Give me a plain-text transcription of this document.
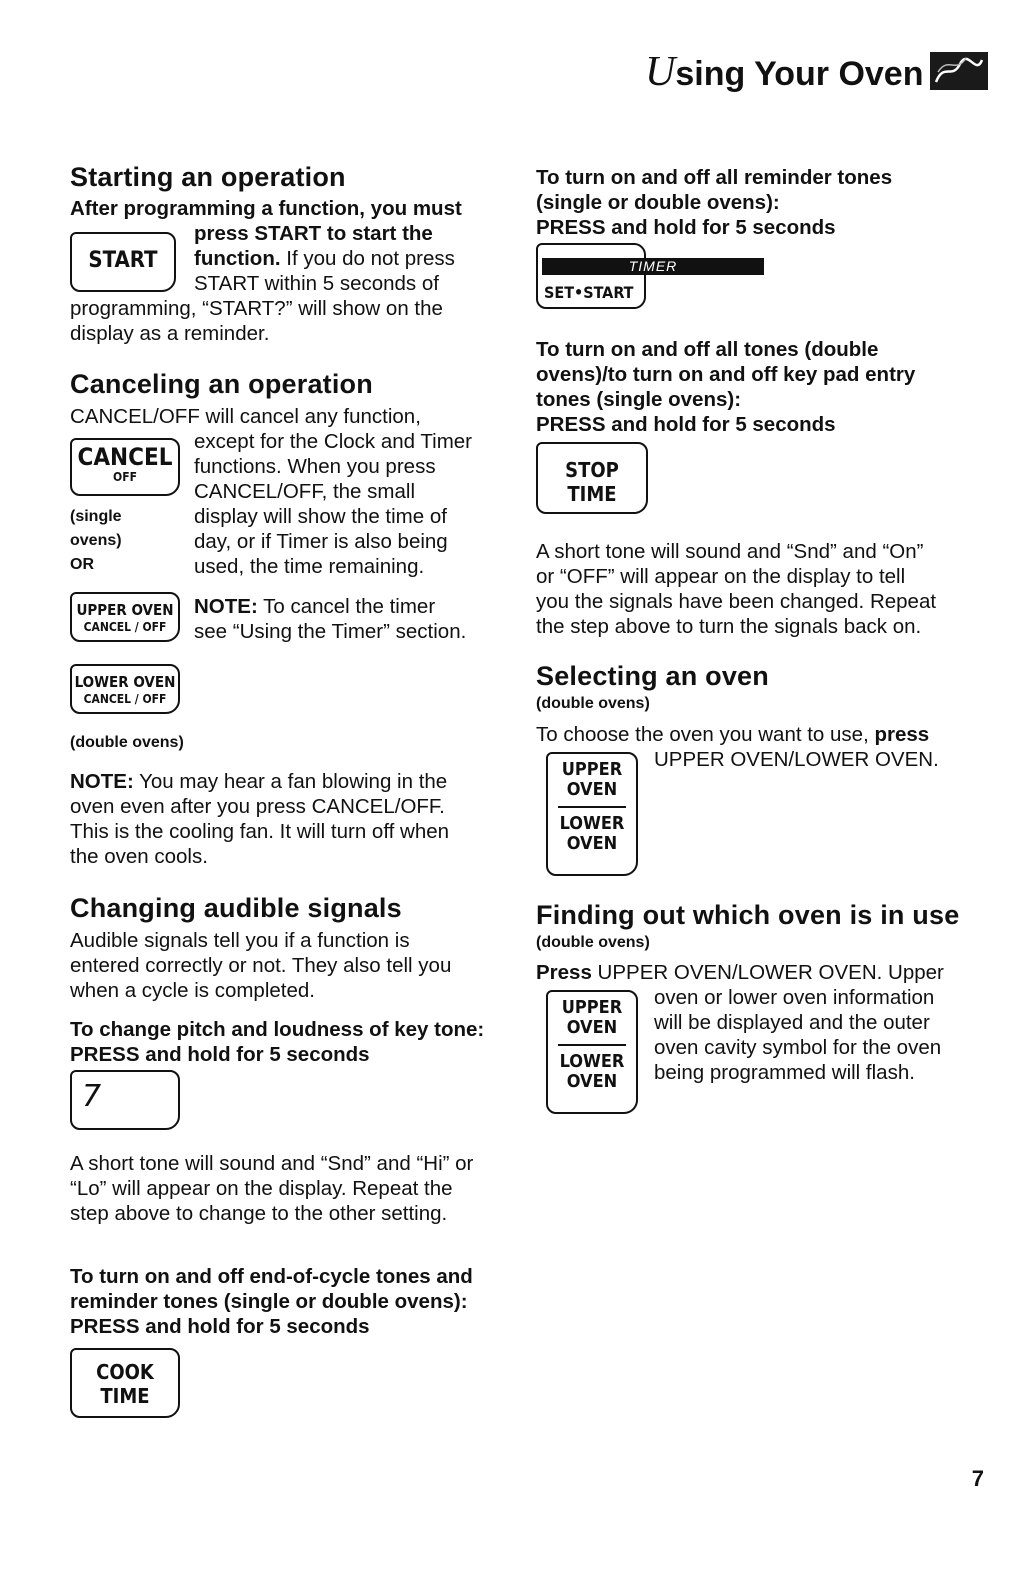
Using Your Oven
Starting an operation
After programming a function, you must
START
press START to start the
function. If you do not press
START within 5 seconds of
programming, “START?” will show on the
display as a reminder.
Canceling an operation
CANCEL/OFF will cancel any function,
CANCEL
OFF
except for the Clock and Timer
functions. When you press
CANCEL/OFF, the small
display will show the time of
day, or if Timer is also being
used, the time remaining.
(single
ovens)
OR
UPPER OVEN
CANCEL / OFF
NOTE: To cancel the timer
see “Using the Timer” section.
LOWER OVEN
CANCEL / OFF
(double ovens)
NOTE: You may hear a fan blowing in the
oven even after you press CANCEL/OFF.
This is the cooling fan. It will turn off when
the oven cools.
Changing audible signals
Audible signals tell you if a function is
entered correctly or not. They also tell you
when a cycle is completed.
To change pitch and loudness of key tone:
PRESS and hold for 5 seconds
7
A short tone will sound and “Snd” and “Hi” or
“Lo” will appear on the display. Repeat the
step above to change to the other setting.
To turn on and off end-of-cycle tones and
reminder tones (single or double ovens):
PRESS and hold for 5 seconds
COOK
TIME
To turn on and off all reminder tones
(single or double ovens):
PRESS and hold for 5 seconds
SET•START
TIMER
To turn on and off all tones (double
ovens)/to turn on and off key pad entry
tones (single ovens):
PRESS and hold for 5 seconds
STOP
TIME
A short tone will sound and “Snd” and “On”
or “OFF” will appear on the display to tell
you the signals have been changed. Repeat
the step above to turn the signals back on.
Selecting an oven
(double ovens)
To choose the oven you want to use, press
UPPER OVEN/LOWER OVEN.
UPPER
OVEN
LOWER
OVEN
Finding out which oven is in use
(double ovens)
Press UPPER OVEN/LOWER OVEN. Upper
oven or lower oven information
will be displayed and the outer
oven cavity symbol for the oven
being programmed will flash.
UPPER
OVEN
LOWER
OVEN
7
